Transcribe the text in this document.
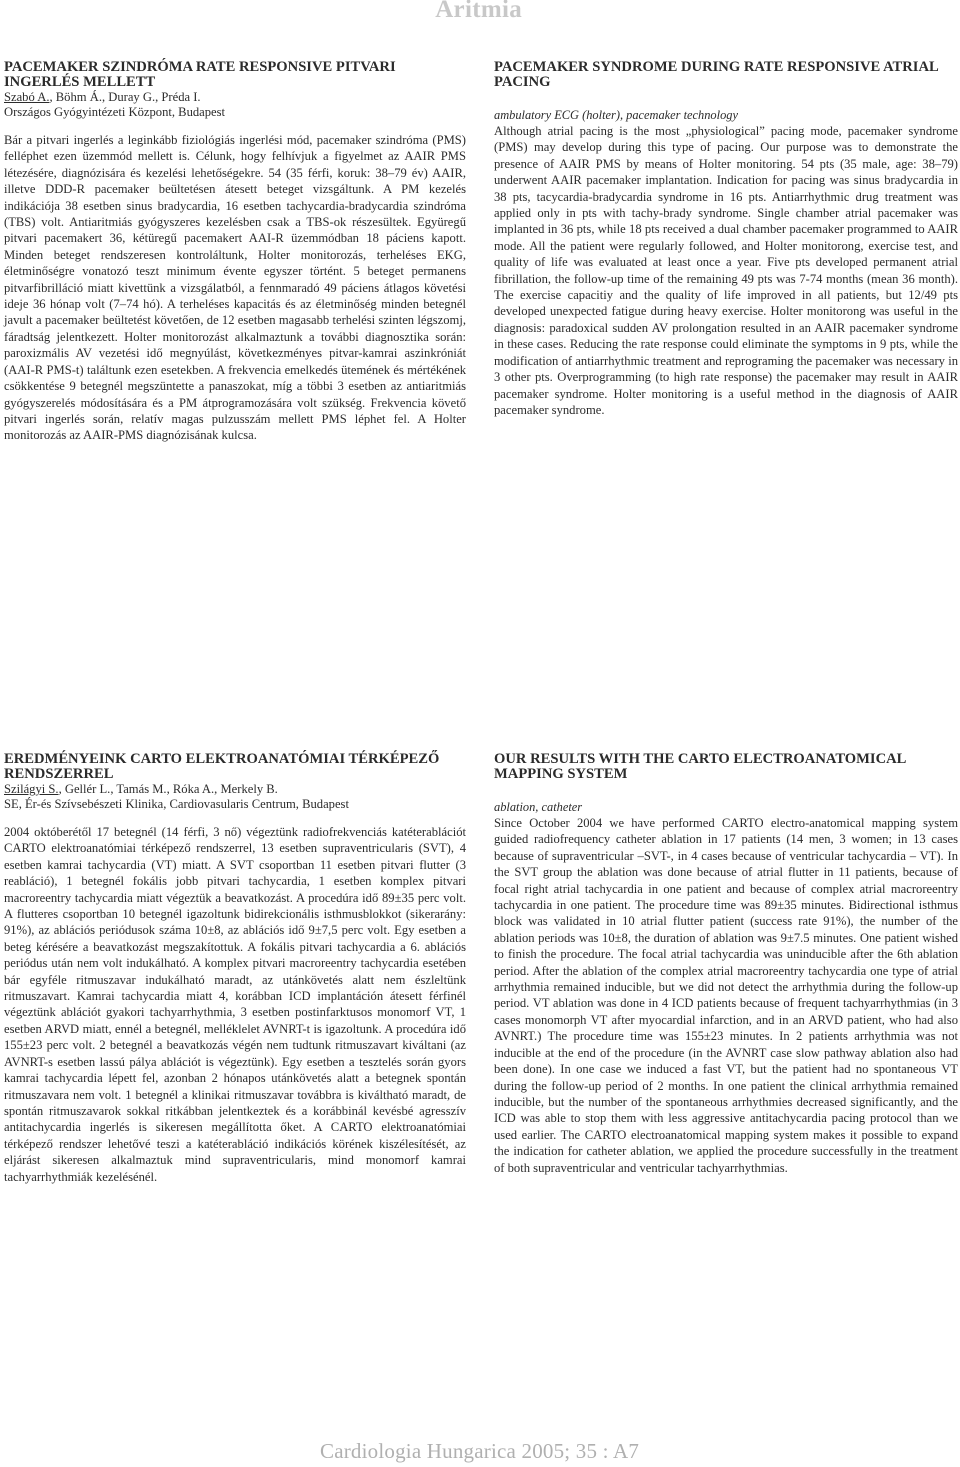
Aritmia
PACEMAKER SZINDRÓMA RATE RESPONSIVE PITVARI INGERLÉS MELLETT

Szabó A., Böhm Á., Duray G., Préda I.

Országos Gyógyintézeti Központ, Budapest

Bár a pitvari ingerlés a leginkább fiziológiás ingerlési mód, pacemaker szindróma (PMS) felléphet ezen üzemmód mellett is. Célunk, hogy felhívjuk a figyelmet az AAIR PMS létezésére, diagnózisára és kezelési lehetőségekre. 54 (35 férfi, koruk: 38–79 év) AAIR, illetve DDD-R pacemaker beültetésen átesett beteget vizsgáltunk. A PM kezelés indikációja 38 esetben sinus bradycardia, 16 esetben tachycardia-bradycardia szindróma (TBS) volt. Antiaritmiás gyógyszeres kezelésben csak a TBS-ok részesültek. Együregű pitvari pacemakert 36, kétüregű pacemakert AAI-R üzemmódban 18 páciens kapott. Minden beteget rendszeresen kontroláltunk, Holter monitorozás, terheléses EKG, életminőségre vonatozó teszt minimum évente egyszer történt. 5 beteget permanens pitvarfibrilláció miatt kivettünk a vizsgálatból, a fennmaradó 49 páciens átlagos követési ideje 36 hónap volt (7–74 hó). A terheléses kapacitás és az életminőség minden betegnél javult a pacemaker beültetést követően, de 12 esetben magasabb terhelési szinten légszomj, fáradtság jelentkezett. Holter monitorozást alkalmaztunk a további diagnosztika során: paroxizmális AV vezetési idő megnyúlást, következményes pitvar-kamrai aszinkróniát (AAI-R PMS-t) találtunk ezen esetekben. A frekvencia emelkedés ütemének és mértékének csökkentése 9 betegnél megszüntette a panaszokat, míg a többi 3 esetben az antiaritmiás gyógyszerelés módosítására és a PM átprogramozására volt szükség. Frekvencia követő pitvari ingerlés során, relatív magas pulzusszám mellett PMS léphet fel. A Holter monitorozás az AAIR-PMS diagnózisának kulcsa.

PACEMAKER SYNDROME DURING RATE RESPONSIVE ATRIAL PACING

ambulatory ECG (holter), pacemaker technology

Although atrial pacing is the most „physiological” pacing mode, pacemaker syndrome (PMS) may develop during this type of pacing. Our purpose was to demonstrate the presence of AAIR PMS by means of Holter monitoring. 54 pts (35 male, age: 38–79) underwent AAIR pacemaker implantation. Indication for pacing was sinus bradycardia in 38 pts, tacycardia-bradycardia syndrome in 16 pts. Antiarrhythmic drug treatment was applied only in pts with tachy-brady syndrome. Single chamber atrial pacemaker was implanted in 36 pts, while 18 pts received a dual chamber pacemaker programmed to AAIR mode. All the patient were regularly followed, and Holter monitorong, exercise test, and quality of life was evaluated at least once a year. Five pts developed permanent atrial fibrillation, the follow-up time of the remaining 49 pts was 7-74 months (mean 36 month). The exercise capacitiy and the quality of life improved in all patients, but 12/49 pts developed unexpected fatigue during heavy exercise. Holter monitorong was useful in the diagnosis: paradoxical sudden AV prolongation resulted in an AAIR pacemaker syndrome in these cases. Reducing the rate response could eliminate the symptoms in 9 pts, while the modification of antiarrhythmic treatment and reprograming the pacemaker was necessary in 3 other pts. Overprogramming (to high rate response) the pacemaker may result in AAIR pacemaker syndrome. Holter monitoring is a useful method in the diagnosis of AAIR pacemaker syndrome.

EREDMÉNYEINK CARTO ELEKTROANATÓMIAI TÉRKÉPEZŐ RENDSZERREL

Szilágyi S., Gellér L., Tamás M., Róka A., Merkely B.

SE, Ér-és Szívsebészeti Klinika, Cardiovasularis Centrum, Budapest

2004 októberétől 17 betegnél (14 férfi, 3 nő) végeztünk radiofrekvenciás katéterablációt CARTO elektroanatómiai térképező rendszerrel, 13 esetben supraventricularis (SVT), 4 esetben kamrai tachycardia (VT) miatt. A SVT csoportban 11 esetben pitvari flutter (3 reabláció), 1 betegnél fokális jobb pitvari tachycardia, 1 esetben komplex pitvari macroreentry tachycardia miatt végeztük a beavatkozást. A procedúra idő 89±35 perc volt. A flutteres csoportban 10 betegnél igazoltunk bidirekcionális isthmusblokkot (sikerarány: 91%), az ablációs periódusok száma 10±8, az ablációs idő 9±7,5 perc volt. Egy esetben a beteg kérésére a beavatkozást megszakítottuk. A fokális pitvari tachycardia a 6. ablációs periódus után nem volt indukálható. A komplex pitvari macroreentry tachycardia esetében bár egyféle ritmuszavar indukálható maradt, az utánkövetés alatt nem észleltünk ritmuszavart. Kamrai tachycardia miatt 4, korábban ICD implantáción átesett férfinél végeztünk ablációt gyakori tachyarrhythmia, 3 esetben postinfarktusos monomorf VT, 1 esetben ARVD miatt, ennél a betegnél, melléklelet AVNRT-t is igazoltunk. A procedúra idő 155±23 perc volt. 2 betegnél a beavatkozás végén nem tudtunk ritmuszavart kiváltani (az AVNRT-s esetben lassú pálya ablációt is végeztünk). Egy esetben a tesztelés során gyors kamrai tachycardia lépett fel, azonban 2 hónapos utánkövetés alatt a betegnek spontán ritmuszavara nem volt. 1 betegnél a klinikai ritmuszavar továbbra is kiváltható maradt, de spontán ritmuszavarok sokkal ritkábban jelentkeztek és a korábbinál kevésbé agresszív antitachycardia ingerlés is sikeresen megállította őket. A CARTO elektroanatómiai térképező rendszer lehetővé teszi a katéterabláció indikációs körének kiszélesítését, az eljárást sikeresen alkalmaztuk mind supraventricularis, mind monomorf kamrai tachyarrhythmiák kezelésénél.

OUR RESULTS WITH THE CARTO ELECTROANATOMICAL MAPPING SYSTEM

ablation, catheter

Since October 2004 we have performed CARTO electro-anatomical mapping system guided radiofrequency catheter ablation in 17 patients (14 men, 3 women; in 13 cases because of supraventricular –SVT-, in 4 cases because of ventricular tachycardia – VT). In the SVT group the ablation was done because of atrial flutter in 11 patients, because of focal right atrial tachycardia in one patient and because of complex atrial macroreentry tachycardia in one patient. The procedure time was 89±35 minutes. Bidirectional isthmus block was validated in 10 atrial flutter patient (success rate 91%), the number of the ablation periods was 10±8, the duration of ablation was 9±7.5 minutes. One patient wished to finish the procedure. The focal atrial tachycardia was uninducible after the 6th ablation period. After the ablation of the complex atrial macroreentry tachycardia one type of atrial arrhythmia remained inducible, but we did not detect the arrhythmia during the follow-up period. VT ablation was done in 4 ICD patients because of frequent tachyarrhythmias (in 3 cases monomorph VT after myocardial infarction, and in an ARVD patient, who had also AVNRT.) The procedure time was 155±23 minutes. In 2 patients arrhythmia was not inducible at the end of the procedure (in the AVNRT case slow pathway ablation also had been done). In one case we induced a fast VT, but the patient had no spontaneous VT during the follow-up period of 2 months. In one patient the clinical arrhythmia remained inducible, but the number of the spontaneous arrhythmies decreased significantly, and the ICD was able to stop them with less aggressive antitachycardia pacing protocol than we used earlier. The CARTO electroanatomical mapping system makes it possible to expand the indication for catheter ablation, we applied the procedure successfully in the treatment of both supraventricular and ventricular tachyarrhythmias.

Cardiologia Hungarica 2005; 35 : A7
